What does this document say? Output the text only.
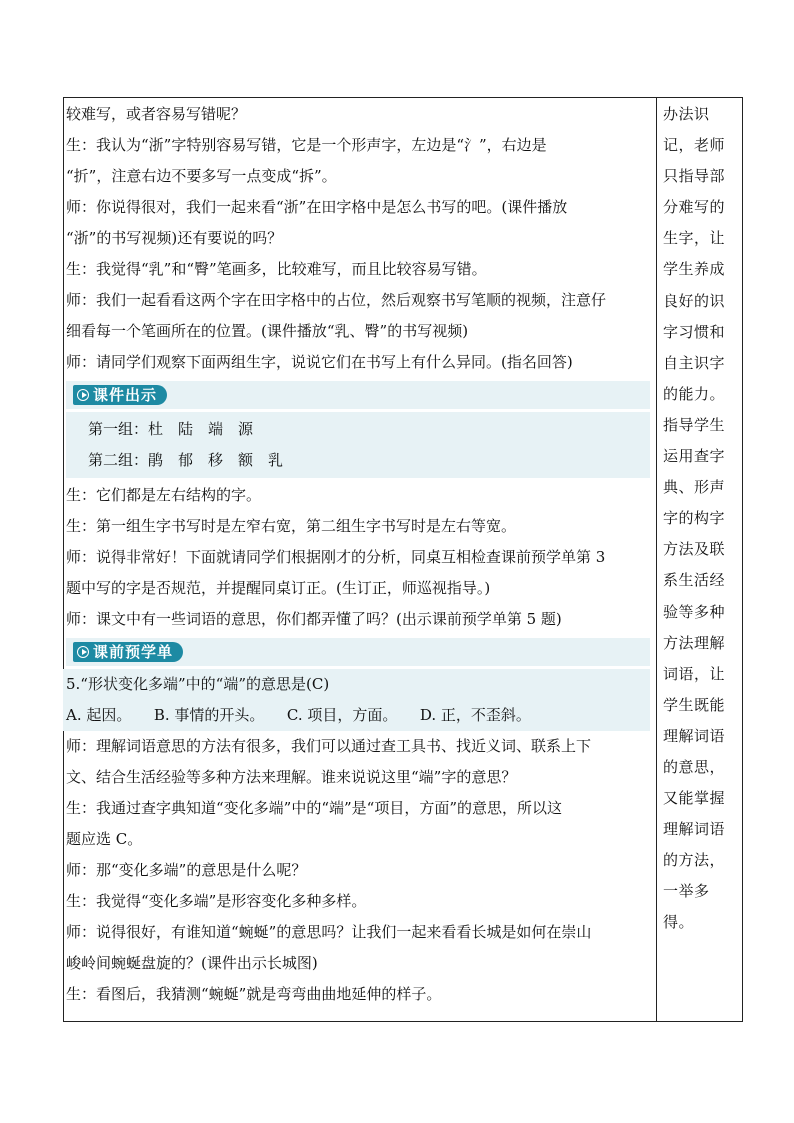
较难写，或者容易写错呢？
生：我认为“浙”字特别容易写错，它是一个形声字，左边是“氵”，右边是
“折”，注意右边不要多写一点变成“拆”。
师：你说得很对，我们一起来看“浙”在田字格中是怎么书写的吧。(课件播放
“浙”的书写视频)还有要说的吗？
生：我觉得“乳”和“臀”笔画多，比较难写，而且比较容易写错。
师：我们一起看看这两个字在田字格中的占位，然后观察书写笔顺的视频，注意仔
细看每一个笔画所在的位置。(课件播放“乳、臀”的书写视频)
师：请同学们观察下面两组生字，说说它们在书写上有什么异同。(指名回答)
课件出示
第一组：杜　陆　端　源
第二组：鹃　郁　移　额　乳
生：它们都是左右结构的字。
生：第一组生字书写时是左窄右宽，第二组生字书写时是左右等宽。
师：说得非常好！下面就请同学们根据刚才的分析，同桌互相检查课前预学单第 3
题中写的字是否规范，并提醒同桌订正。(生订正，师巡视指导。)
师：课文中有一些词语的意思，你们都弄懂了吗？(出示课前预学单第 5 题)
课前预学单
5.“形状变化多端”中的“端”的意思是(C)
A. 起因。　　B. 事情的开头。　　C. 项目，方面。　　D. 正，不歪斜。
师：理解词语意思的方法有很多，我们可以通过查工具书、找近义词、联系上下
文、结合生活经验等多种方法来理解。谁来说说这里“端”字的意思？
生：我通过查字典知道“变化多端”中的“端”是“项目，方面”的意思，所以这
题应选 C。
师：那“变化多端”的意思是什么呢？
生：我觉得“变化多端”是形容变化多种多样。
师：说得很好，有谁知道“蜿蜒”的意思吗？让我们一起来看看长城是如何在崇山
峻岭间蜿蜒盘旋的？(课件出示长城图)
生：看图后，我猜测“蜿蜒”就是弯弯曲曲地延伸的样子。
办法识
记，老师
只指导部
分难写的
生字，让
学生养成
良好的识
字习惯和
自主识字
的能力。
指导学生
运用查字
典、形声
字的构字
方法及联
系生活经
验等多种
方法理解
词语，让
学生既能
理解词语
的意思，
又能掌握
理解词语
的方法，
一举多
得。
